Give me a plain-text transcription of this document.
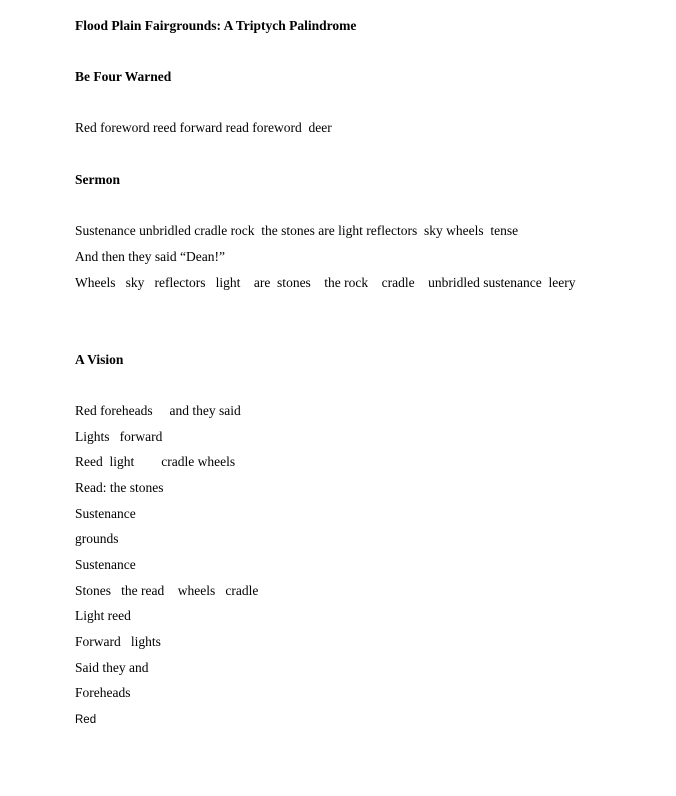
Flood Plain Fairgrounds: A Triptych Palindrome
Be Four Warned
Red foreword reed forward read foreword  deer
Sermon
Sustenance unbridled cradle rock  the stones are light reflectors  sky wheels  tense
And then they said “Dean!”
Wheels   sky   reflectors   light    are  stones    the rock    cradle    unbridled sustenance  leery
A Vision
Red foreheads     and they said
Lights   forward
Reed  light        cradle wheels
Read: the stones
Sustenance
grounds
Sustenance
Stones   the read    wheels   cradle
Light reed
Forward   lights
Said they and
Foreheads
Red
